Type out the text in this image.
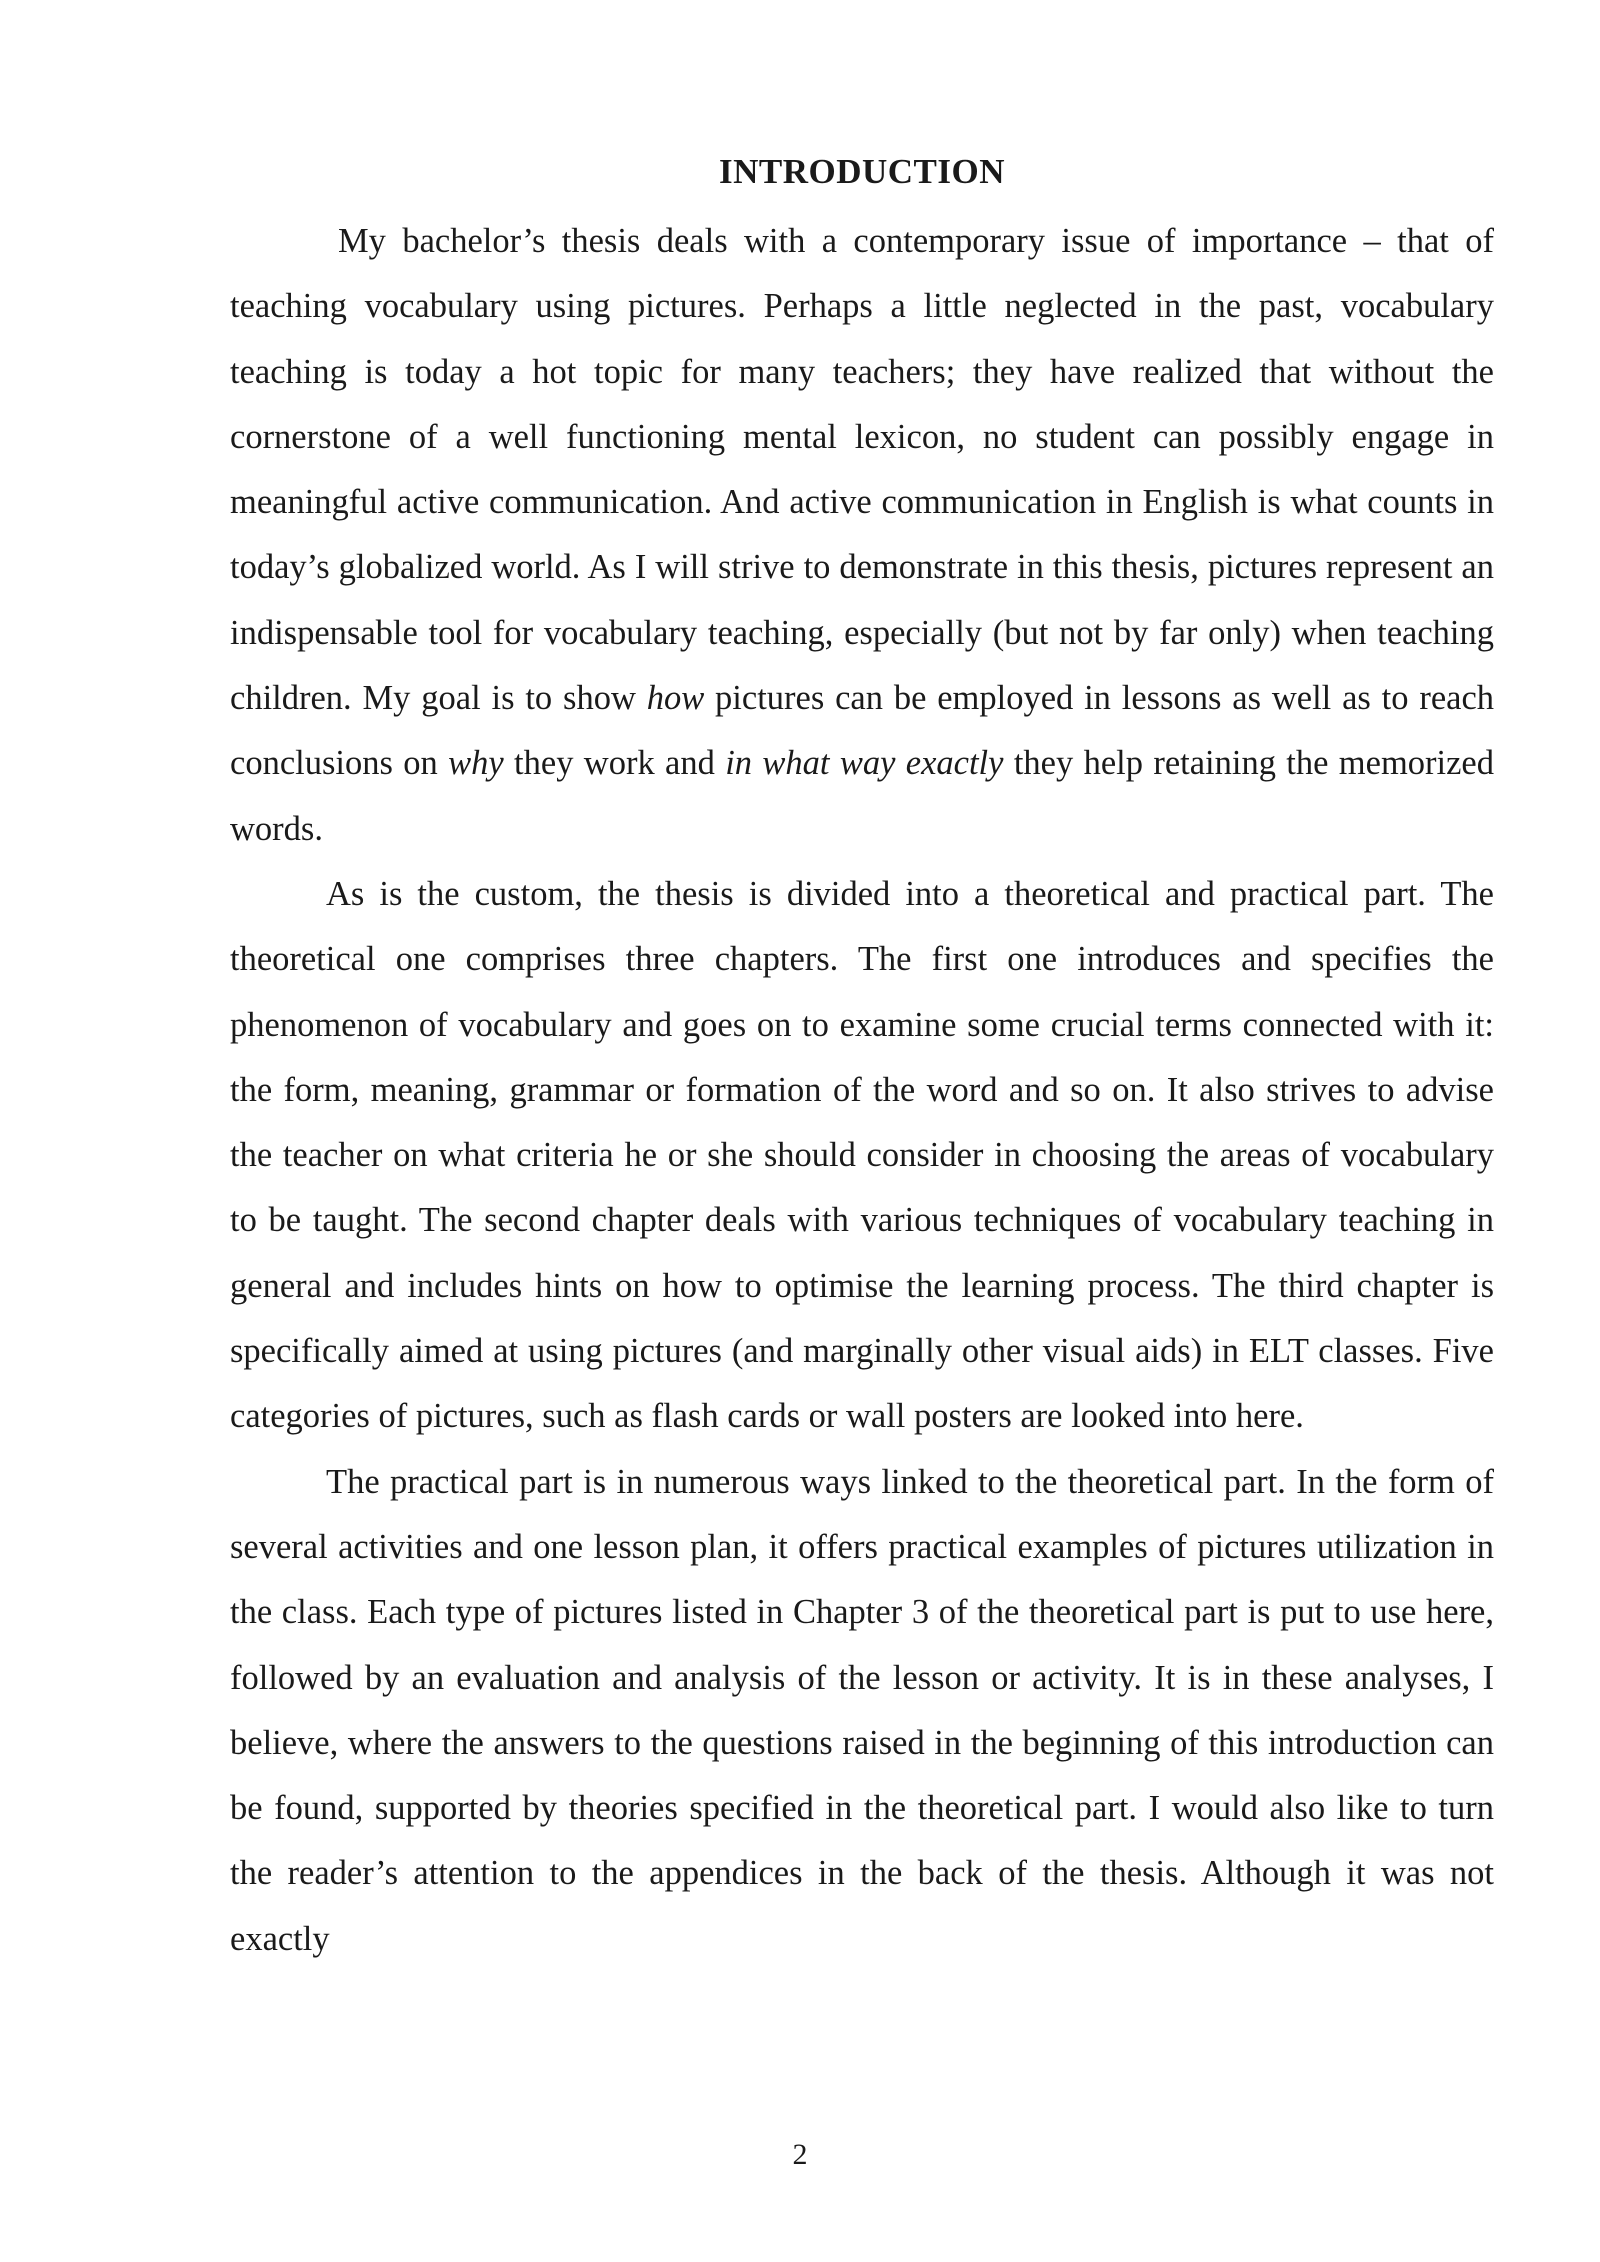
INTRODUCTION

My bachelor’s thesis deals with a contemporary issue of importance – that of teaching vocabulary using pictures. Perhaps a little neglected in the past, vocabulary teaching is today a hot topic for many teachers; they have realized that without the cornerstone of a well functioning mental lexicon, no student can possibly engage in meaningful active communication. And active communication in English is what counts in today’s globalized world. As I will strive to demonstrate in this thesis, pictures represent an indispensable tool for vocabulary teaching, especially (but not by far only) when teaching children. My goal is to show how pictures can be employed in lessons as well as to reach conclusions on why they work and in what way exactly they help retaining the memorized words.

As is the custom, the thesis is divided into a theoretical and practical part. The theoretical one comprises three chapters. The first one introduces and specifies the phenomenon of vocabulary and goes on to examine some crucial terms connected with it: the form, meaning, grammar or formation of the word and so on. It also strives to advise the teacher on what criteria he or she should consider in choosing the areas of vocabulary to be taught. The second chapter deals with various techniques of vocabulary teaching in general and includes hints on how to optimise the learning process. The third chapter is specifically aimed at using pictures (and marginally other visual aids) in ELT classes. Five categories of pictures, such as flash cards or wall posters are looked into here.

The practical part is in numerous ways linked to the theoretical part. In the form of several activities and one lesson plan, it offers practical examples of pictures utilization in the class. Each type of pictures listed in Chapter 3 of the theoretical part is put to use here, followed by an evaluation and analysis of the lesson or activity. It is in these analyses, I believe, where the answers to the questions raised in the beginning of this introduction can be found, supported by theories specified in the theoretical part. I would also like to turn the reader’s attention to the appendices in the back of the thesis. Although it was not exactly

2
